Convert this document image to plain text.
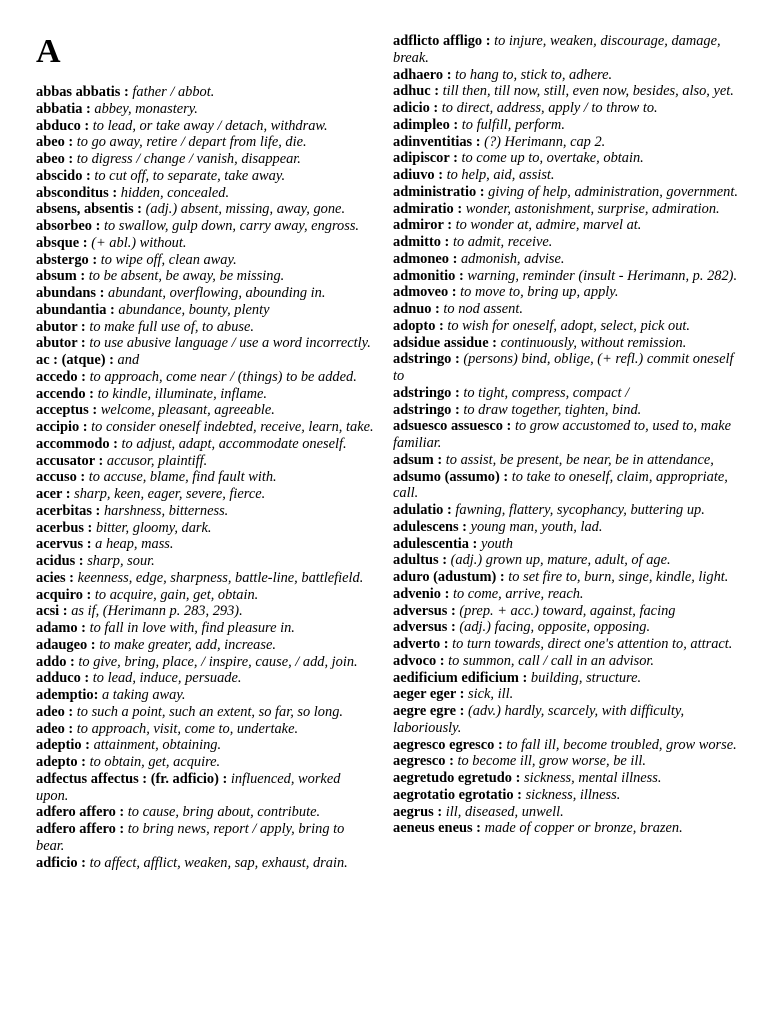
A

abbas abbatis : father / abbot.

abbatia : abbey, monastery.

abduco : to lead, or take away / detach, withdraw.

abeo : to go away, retire / depart from life, die.

abeo : to digress / change / vanish, disappear.

abscido : to cut off, to separate, take away.

absconditus : hidden, concealed.

absens, absentis : (adj.) absent, missing, away, gone.

absorbeo : to swallow, gulp down, carry away, engross.

absque : (+ abl.) without.

abstergo : to wipe off, clean away.

absum : to be absent, be away, be missing.

abundans : abundant, overflowing, abounding in.

abundantia : abundance, bounty, plenty

abutor : to make full use of, to abuse.

abutor : to use abusive language / use a word incorrectly.

ac : (atque) : and

accedo : to approach, come near / (things) to be added.

accendo : to kindle, illuminate, inflame.

acceptus : welcome, pleasant, agreeable.

accipio : to consider oneself indebted, receive, learn, take.

accommodo : to adjust, adapt, accommodate oneself.

accusator : accusor, plaintiff.

accuso : to accuse, blame, find fault with.

acer : sharp, keen, eager, severe, fierce.

acerbitas : harshness, bitterness.

acerbus : bitter, gloomy, dark.

acervus : a heap, mass.

acidus : sharp, sour.

acies : keenness, edge, sharpness, battle-line, battlefield.

acquiro : to acquire, gain, get, obtain.

acsi : as if, (Herimann p. 283, 293).

adamo : to fall in love with, find pleasure in.

adaugeo : to make greater, add, increase.

addo : to give, bring, place, / inspire, cause, / add, join.

adduco : to lead, induce, persuade.

ademptio: a taking away.

adeo : to such a point, such an extent, so far, so long.

adeo : to approach, visit, come to, undertake.

adeptio : attainment, obtaining.

adepto : to obtain, get, acquire.

adfectus affectus : (fr. adficio) : influenced, worked upon.

adfero affero : to cause, bring about, contribute.

adfero affero : to bring news, report / apply, bring to bear.

adficio : to affect, afflict, weaken, sap, exhaust, drain.

adflicto affligo : to injure, weaken, discourage, damage, break.

adhaero : to hang to, stick to, adhere.

adhuc : till then, till now, still, even now, besides, also, yet.

adicio : to direct, address, apply / to throw to.

adimpleo : to fulfill, perform.

adinventitias : (?) Herimann, cap 2.

adipiscor : to come up to, overtake, obtain.

adiuvo : to help, aid, assist.

administratio : giving of help, administration, government.

admiratio : wonder, astonishment, surprise, admiration.

admiror : to wonder at, admire, marvel at.

admitto : to admit, receive.

admoneo : admonish, advise.

admonitio : warning, reminder (insult - Herimann, p. 282).

admoveo : to move to, bring up, apply.

adnuo : to nod assent.

adopto : to wish for oneself, adopt, select, pick out.

adsidue assidue : continuously, without remission.

adstringo : (persons) bind, oblige, (+ refl.) commit oneself to

adstringo : to tight, compress, compact /

adstringo : to draw together, tighten, bind.

adsuesco assuesco : to grow accustomed to, used to, make familiar.

adsum : to assist, be present, be near, be in attendance,

adsumo (assumo) : to take to oneself, claim, appropriate, call.

adulatio : fawning, flattery, sycophancy, buttering up.

adulescens : young man, youth, lad.

adulescentia : youth

adultus : (adj.) grown up, mature, adult, of age.

aduro (adustum) : to set fire to, burn, singe, kindle, light.

advenio : to come, arrive, reach.

adversus : (prep. + acc.) toward, against, facing

adversus : (adj.) facing, opposite, opposing.

adverto : to turn towards, direct one's attention to, attract.

advoco : to summon, call / call in an advisor.

aedificium edificium : building, structure.

aeger eger : sick, ill.

aegre egre : (adv.) hardly, scarcely, with difficulty, laboriously.

aegresco egresco : to fall ill, become troubled, grow worse.

aegresco : to become ill, grow worse, be ill.

aegretudo egretudo : sickness, mental illness.

aegrotatio egrotatio : sickness, illness.

aegrus : ill, diseased, unwell.

aeneus eneus : made of copper or bronze, brazen.
